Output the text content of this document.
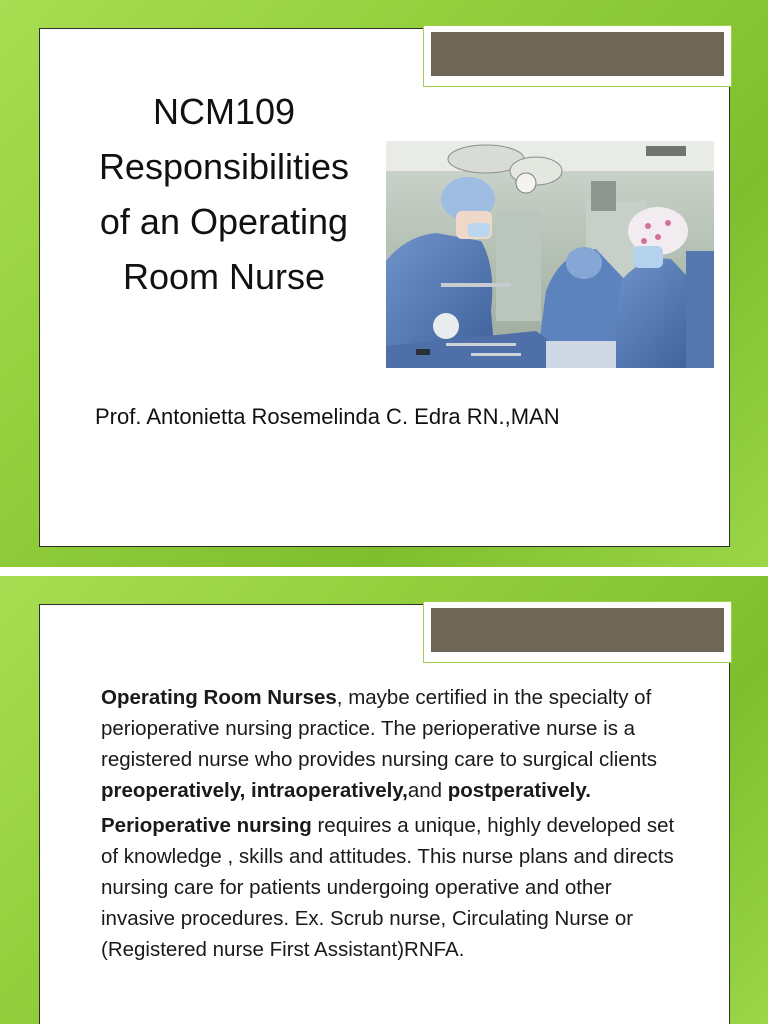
NCM109
Responsibilities
of an Operating
Room Nurse

Prof. Antonietta Rosemelinda C. Edra RN.,MAN

Operating Room Nurses, maybe certified in the specialty of perioperative nursing practice. The perioperative nurse is a registered nurse who provides nursing care to surgical clients preoperatively, intraoperatively,and postperatively.

Perioperative nursing requires a unique, highly developed set of knowledge , skills and attitudes. This nurse plans and directs nursing care for patients undergoing operative and other invasive procedures. Ex. Scrub nurse, Circulating Nurse or (Registered nurse First Assistant)RNFA.
